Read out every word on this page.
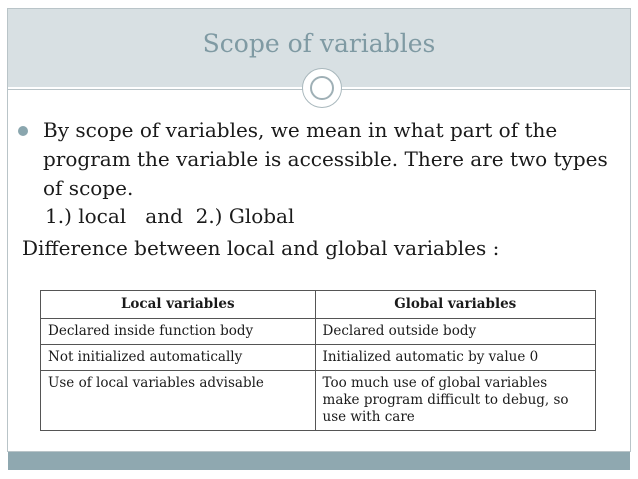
Scope of variables
By scope of variables, we mean in what part of the program the variable is accessible. There are two types of scope.
1.) local   and  2.) Global
Difference between local and global variables :
Local variables	Global variables
Declared inside function body	Declared outside body
Not initialized automatically	Initialized automatic by value 0
Use of local variables advisable	Too much use of global variables make program difficult to debug, so use with care
